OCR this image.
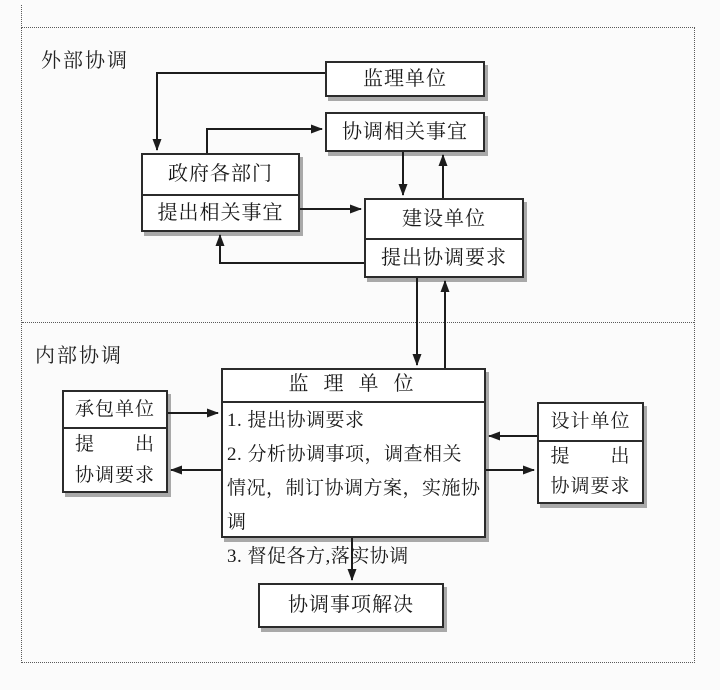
外部协调
内部协调
监理单位
协调相关事宜
政府各部门
提出相关事宜	建设单位
提出协调要求
监 理 单 位
1. 提出协调要求
2. 分析协调事项，调查相关情况，制订协调方案，实施协调
3. 督促各方,落实协调
承包单位
提　　出
协调要求
设计单位
提　　出
协调要求
协调事项解决
